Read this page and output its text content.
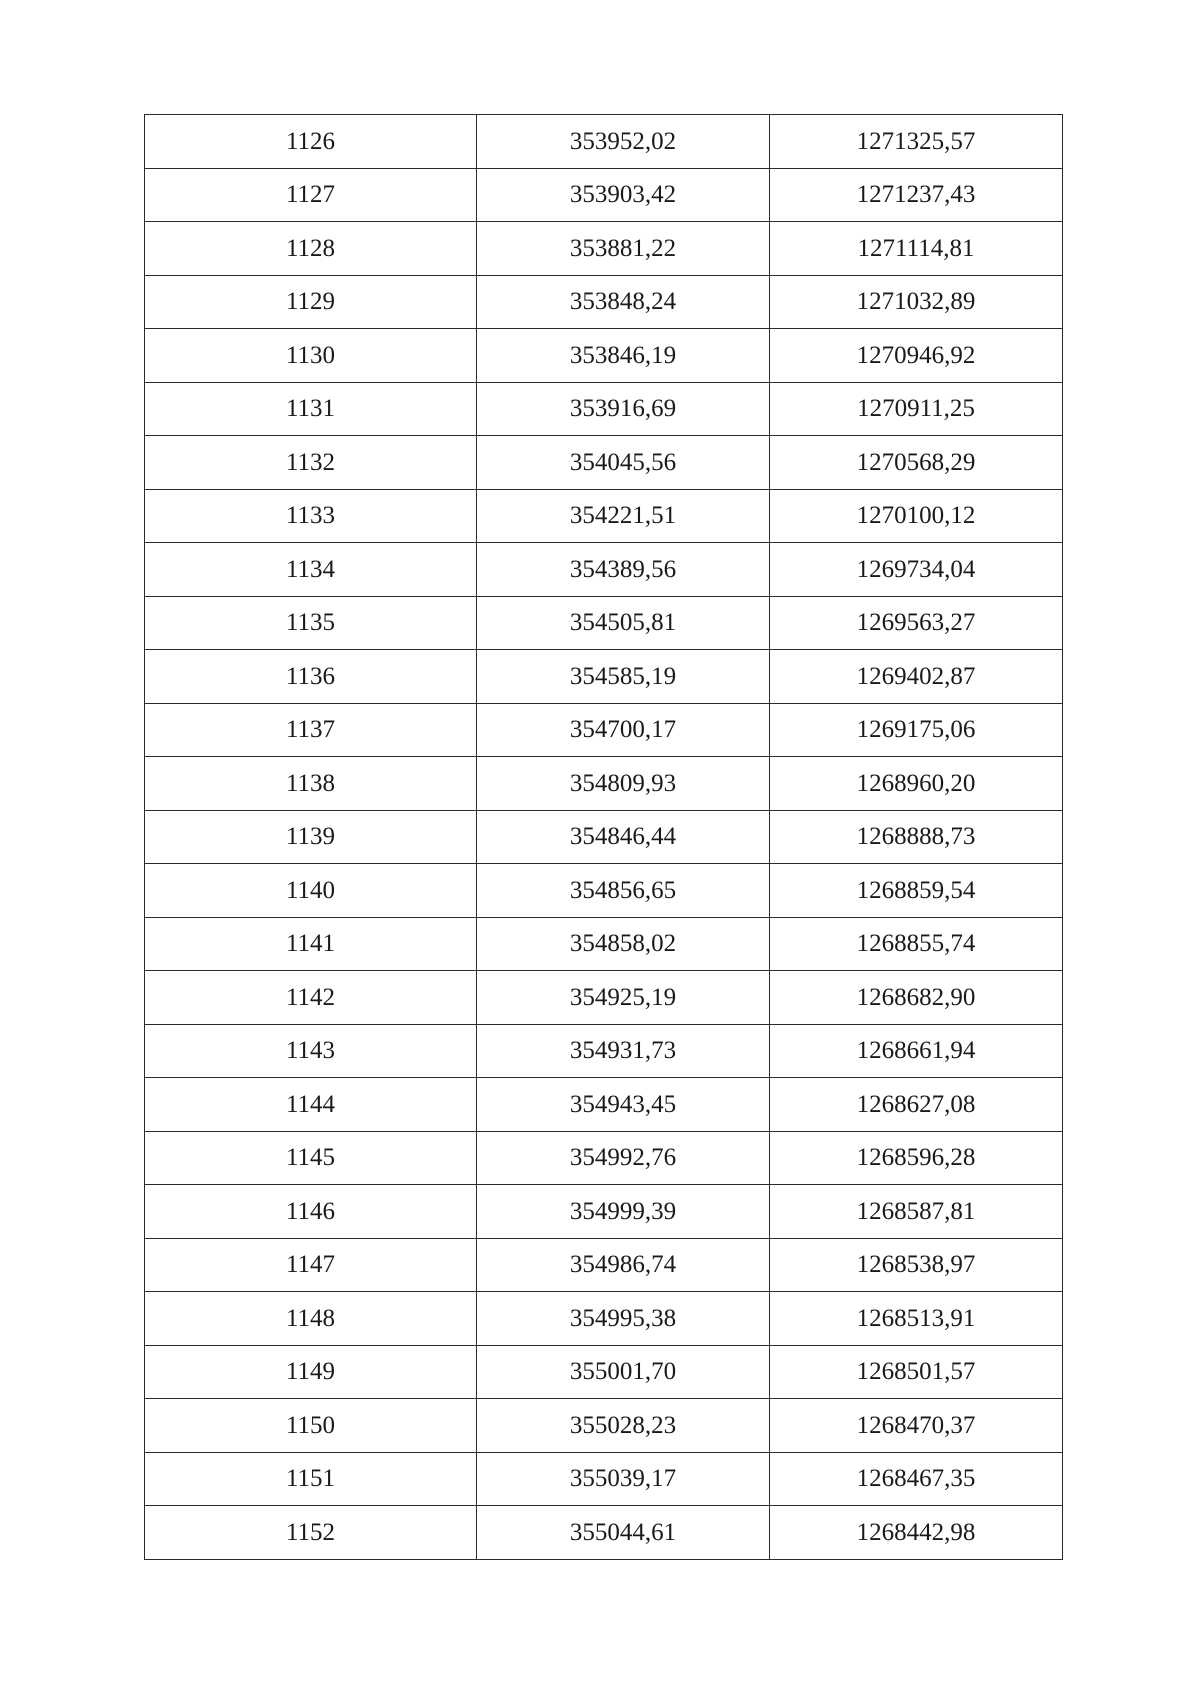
1126	353952,02	1271325,57
1127	353903,42	1271237,43
1128	353881,22	1271114,81
1129	353848,24	1271032,89
1130	353846,19	1270946,92
1131	353916,69	1270911,25
1132	354045,56	1270568,29
1133	354221,51	1270100,12
1134	354389,56	1269734,04
1135	354505,81	1269563,27
1136	354585,19	1269402,87
1137	354700,17	1269175,06
1138	354809,93	1268960,20
1139	354846,44	1268888,73
1140	354856,65	1268859,54
1141	354858,02	1268855,74
1142	354925,19	1268682,90
1143	354931,73	1268661,94
1144	354943,45	1268627,08
1145	354992,76	1268596,28
1146	354999,39	1268587,81
1147	354986,74	1268538,97
1148	354995,38	1268513,91
1149	355001,70	1268501,57
1150	355028,23	1268470,37
1151	355039,17	1268467,35
1152	355044,61	1268442,98
